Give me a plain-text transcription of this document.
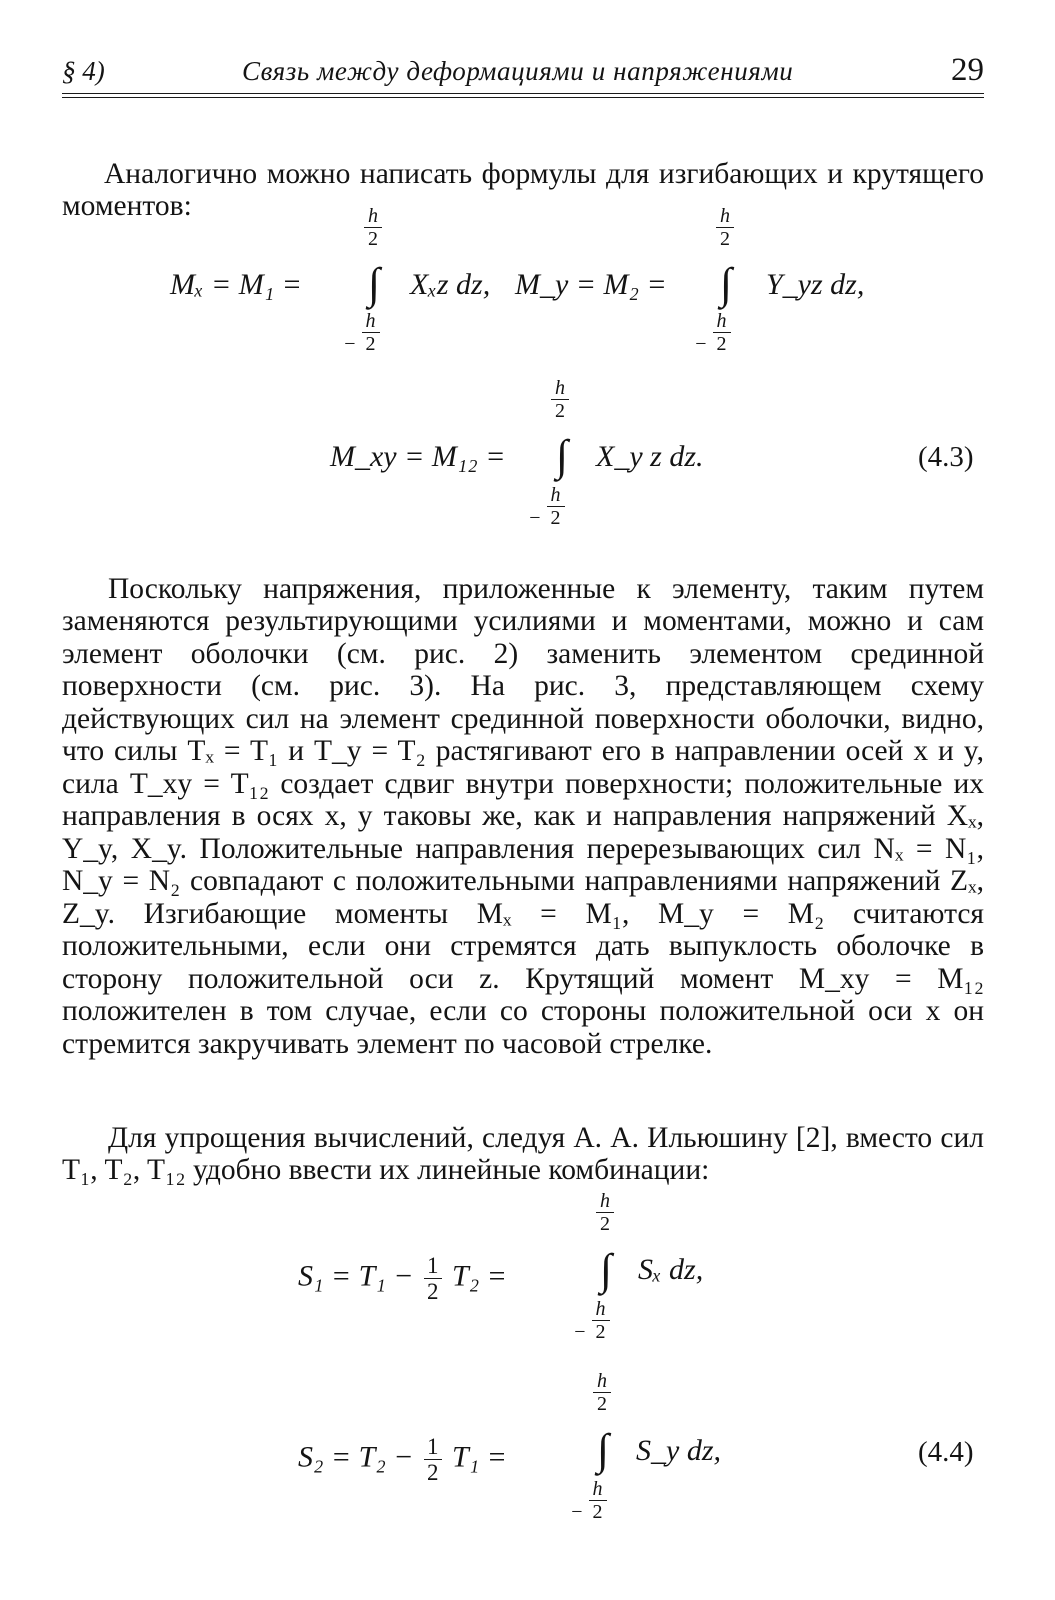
§ 4)	Связь между деформациями и напряжениями	29

Аналогично можно написать формулы для изгибающих и крутящего моментов:

Mₓ = M₁ =
$\frac{h}{2}$
∫
− $\frac{h}{2}$
Xₓz dz, M_y = M₂ =
$\frac{h}{2}$
∫
− $\frac{h}{2}$
Y_yz dz,
M_xy = M₁₂ =
$\frac{h}{2}$
∫
− $\frac{h}{2}$
X_y z dz.	(4.3)

Поскольку напряжения, приложенные к элементу, таким путем заменяются результирующими усилиями и моментами, можно и сам элемент оболочки (см. рис. 2) заменить элементом срединной поверхности (см. рис. 3). На рис. 3, представляющем схему действующих сил на элемент срединной поверхности оболочки, видно, что силы Tₓ = T₁ и T_y = T₂ растягивают его в направлении осей x и y, сила T_xy = T₁₂ создает сдвиг внутри поверхности; положительные их направления в осях x, y таковы же, как и направления напряжений Xₓ, Y_y, X_y. Положительные направления перерезывающих сил Nₓ = N₁, N_y = N₂ совпадают с положительными направлениями напряжений Zₓ, Z_y. Изгибающие моменты Mₓ = M₁, M_y = M₂ считаются положительными, если они стремятся дать выпуклость оболочке в сторону положительной оси z. Крутящий момент M_xy = M₁₂ положителен в том случае, если со стороны положительной оси x он стремится закручивать элемент по часовой стрелке.

Для упрощения вычислений, следуя А. А. Ильюшину [2], вместо сил T₁, T₂, T₁₂ удобно ввести их линейные комбинации:

$S_1 = T_1 - \frac{1}{2} T_2$ =
$\frac{h}{2}$
∫
− $\frac{h}{2}$
Sₓ dz,
$S_2 = T_2 - \frac{1}{2} T_1$ =
$\frac{h}{2}$
∫
− $\frac{h}{2}$
S_y dz,	(4.4)
